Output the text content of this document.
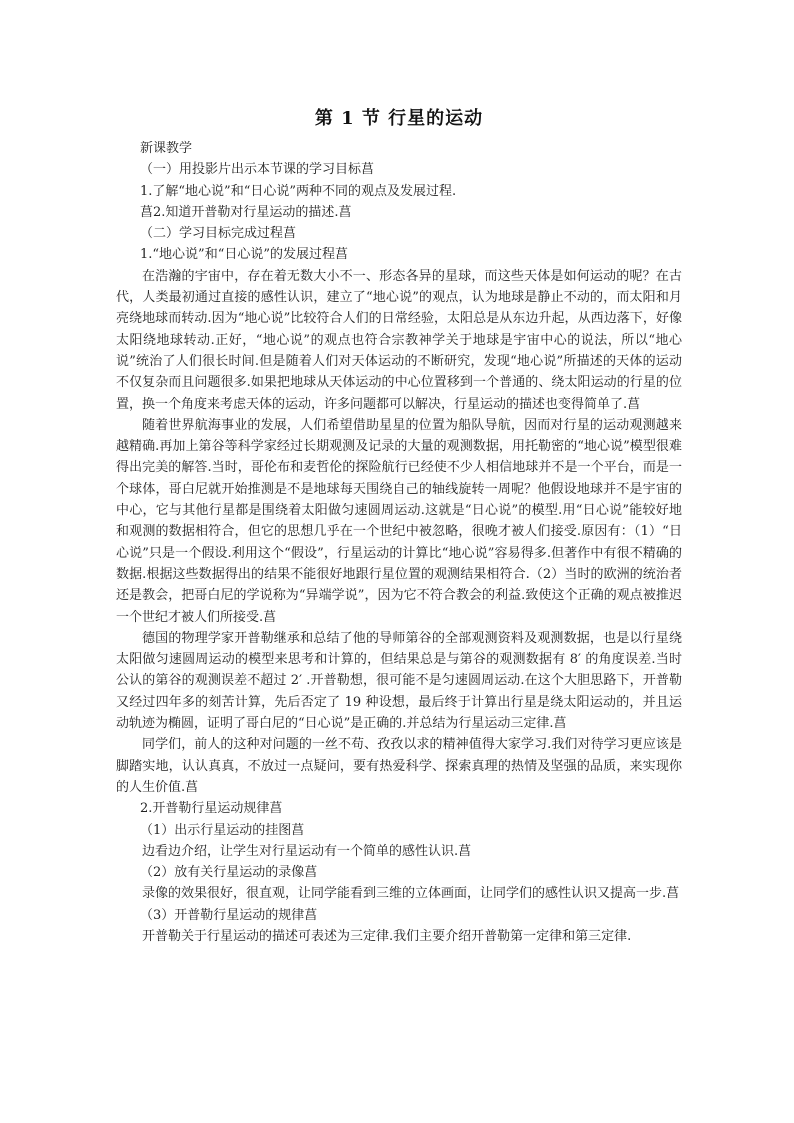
第 1 节 行星的运动

新课教学

（一）用投影片出示本节课的学习目标菖

1.了解“地心说”和“日心说”两种不同的观点及发展过程.

菖2.知道开普勒对行星运动的描述.菖

（二）学习目标完成过程菖

1.“地心说”和“日心说”的发展过程菖

在浩瀚的宇宙中，存在着无数大小不一、形态各异的星球，而这些天体是如何运动的呢？在古代，人类最初通过直接的感性认识，建立了“地心说”的观点，认为地球是静止不动的，而太阳和月亮绕地球而转动.因为“地心说”比较符合人们的日常经验，太阳总是从东边升起，从西边落下，好像太阳绕地球转动.正好，“地心说”的观点也符合宗教神学关于地球是宇宙中心的说法，所以“地心说”统治了人们很长时间.但是随着人们对天体运动的不断研究，发现“地心说”所描述的天体的运动不仅复杂而且问题很多.如果把地球从天体运动的中心位置移到一个普通的、绕太阳运动的行星的位置，换一个角度来考虑天体的运动，许多问题都可以解决，行星运动的描述也变得简单了.菖

随着世界航海事业的发展，人们希望借助星星的位置为船队导航，因而对行星的运动观测越来越精确.再加上第谷等科学家经过长期观测及记录的大量的观测数据，用托勒密的“地心说”模型很难得出完美的解答.当时，哥伦布和麦哲伦的探险航行已经使不少人相信地球并不是一个平台，而是一个球体，哥白尼就开始推测是不是地球每天围绕自己的轴线旋转一周呢？他假设地球并不是宇宙的中心，它与其他行星都是围绕着太阳做匀速圆周运动.这就是“日心说”的模型.用“日心说”能较好地和观测的数据相符合，但它的思想几乎在一个世纪中被忽略，很晚才被人们接受.原因有：（1）“日心说”只是一个假设.利用这个“假设”，行星运动的计算比“地心说”容易得多.但著作中有很不精确的数据.根据这些数据得出的结果不能很好地跟行星位置的观测结果相符合.（2）当时的欧洲的统治者还是教会，把哥白尼的学说称为“异端学说”，因为它不符合教会的利益.致使这个正确的观点被推迟一个世纪才被人们所接受.菖

德国的物理学家开普勒继承和总结了他的导师第谷的全部观测资料及观测数据，也是以行星绕太阳做匀速圆周运动的模型来思考和计算的，但结果总是与第谷的观测数据有 8′ 的角度误差.当时公认的第谷的观测误差不超过 2′ .开普勒想，很可能不是匀速圆周运动.在这个大胆思路下，开普勒又经过四年多的刻苦计算，先后否定了 19 种设想，最后终于计算出行星是绕太阳运动的，并且运动轨迹为椭圆，证明了哥白尼的“日心说”是正确的.并总结为行星运动三定律.菖

同学们，前人的这种对问题的一丝不苟、孜孜以求的精神值得大家学习.我们对待学习更应该是脚踏实地，认认真真，不放过一点疑问，要有热爱科学、探索真理的热情及坚强的品质，来实现你的人生价值.菖

2.开普勒行星运动规律菖

（1）出示行星运动的挂图菖

边看边介绍，让学生对行星运动有一个简单的感性认识.菖

（2）放有关行星运动的录像菖

录像的效果很好，很直观，让同学能看到三维的立体画面，让同学们的感性认识又提高一步.菖

（3）开普勒行星运动的规律菖

开普勒关于行星运动的描述可表述为三定律.我们主要介绍开普勒第一定律和第三定律.
